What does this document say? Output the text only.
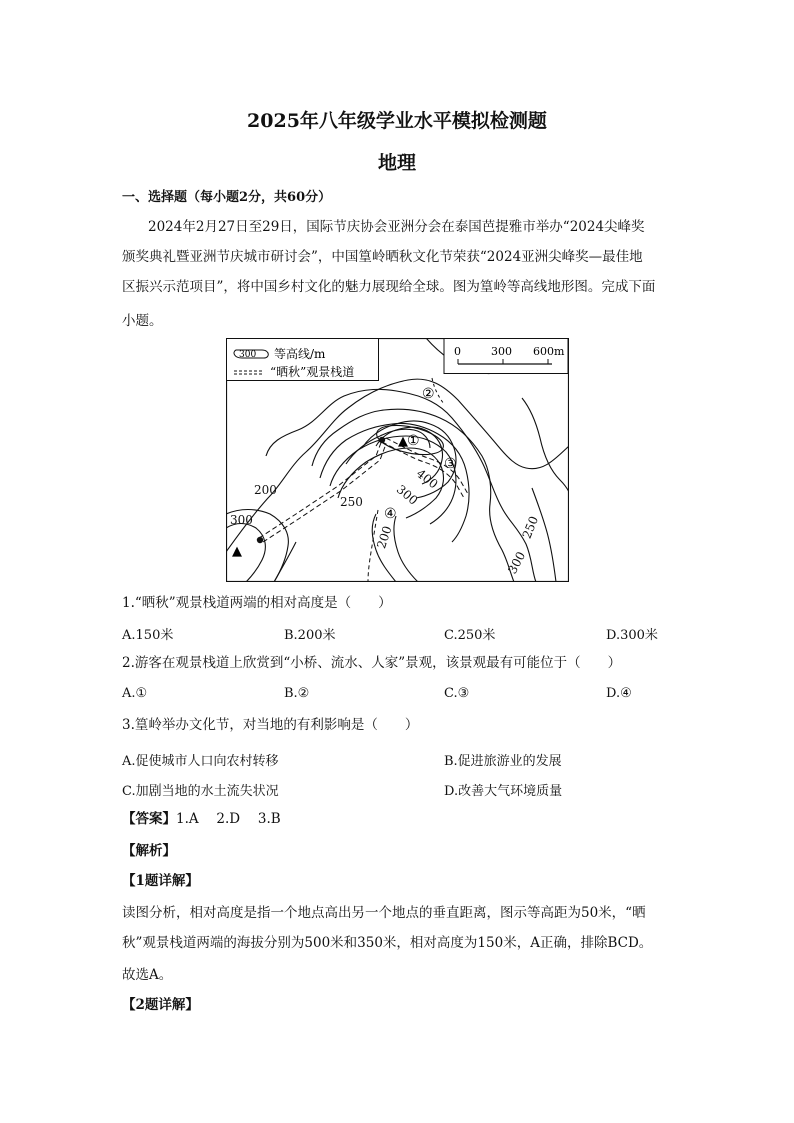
2025年八年级学业水平模拟检测题
地理
一、选择题（每小题2分，共60分）
2024年2月27日至29日，国际节庆协会亚洲分会在泰国芭提雅市举办“2024尖峰奖
颁奖典礼暨亚洲节庆城市研讨会”，中国篁岭晒秋文化节荣获“2024亚洲尖峰奖—最佳地
区振兴示范项目”，将中国乡村文化的魅力展现给全球。图为篁岭等高线地形图。完成下面
小题。
▲
▲
①
②
③
④
200
300
250	300
200
400
250
300
300 等高线/m
“晒秋”观景栈道
0	300 600m
1.“晒秋”观景栈道两端的相对高度是（　　）
A.150米	B.200米	C.250米	D.300米
2.游客在观景栈道上欣赏到“小桥、流水、人家”景观，该景观最有可能位于（　　）
A.①	B.②	C.③	D.④
3.篁岭举办文化节，对当地的有利影响是（　　）
A.促使城市人口向农村转移	B.促进旅游业的发展
C.加剧当地的水土流失状况	D.改善大气环境质量
【答案】1.A　 2.D　 3.B
【解析】
【1题详解】
读图分析，相对高度是指一个地点高出另一个地点的垂直距离，图示等高距为50米，“晒
秋”观景栈道两端的海拔分别为500米和350米，相对高度为150米，A正确，排除BCD。
故选A。
【2题详解】
